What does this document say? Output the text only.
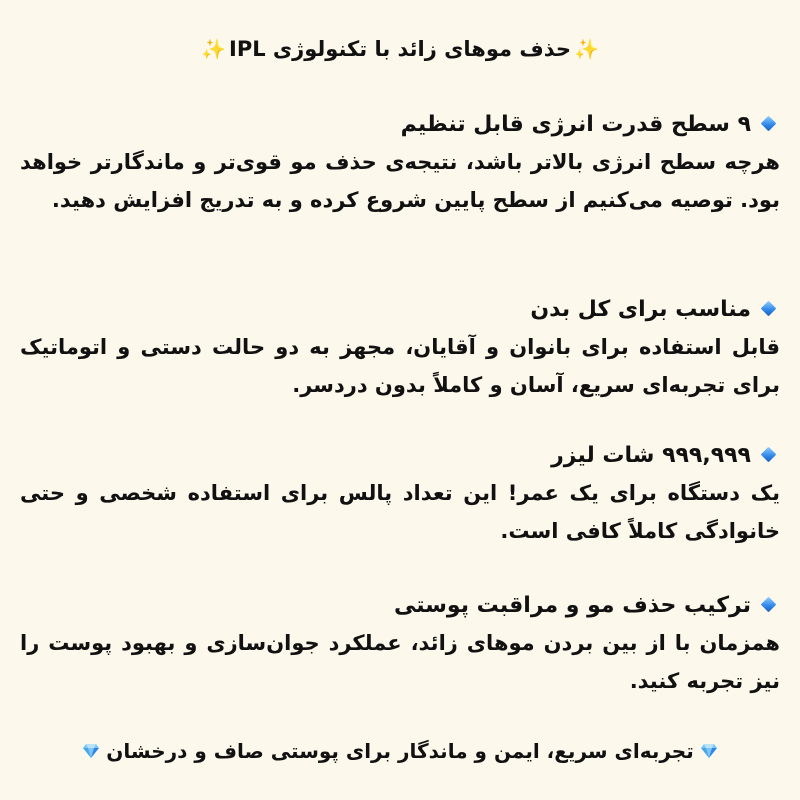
✨حذف موهای زائد با تکنولوژی IPL✨
۹ سطح قدرت انرژی قابل تنظیم
هرچه سطح انرژی بالاتر باشد، نتیجه‌ی حذف مو قوی‌تر و ماندگارتر خواهد بود. توصیه می‌کنیم از سطح پایین شروع کرده و به تدریج افزایش دهید.
مناسب برای کل بدن
قابل استفاده برای بانوان و آقایان، مجهز به دو حالت دستی و اتوماتیک برای تجربه‌ای سریع، آسان و کاملاً بدون دردسر.
۹۹۹,۹۹۹ شات لیزر
یک دستگاه برای یک عمر! این تعداد پالس برای استفاده شخصی و حتی خانوادگی کاملاً کافی است.
ترکیب حذف مو و مراقبت پوستی
همزمان با از بین بردن موهای زائد، عملکرد جوان‌سازی و بهبود پوست را نیز تجربه کنید.
تجربه‌ای سریع، ایمن و ماندگار برای پوستی صاف و درخشان
